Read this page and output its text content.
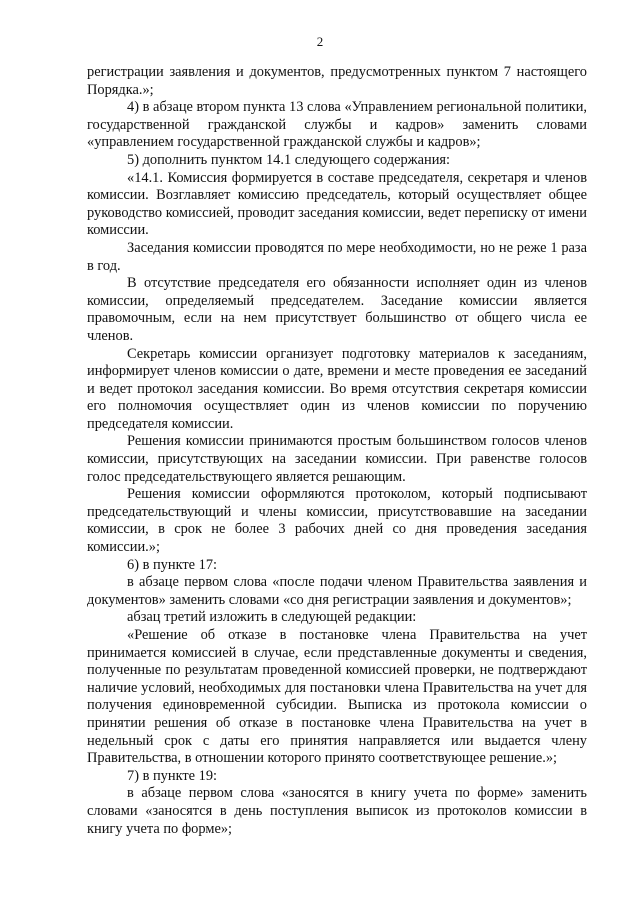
2

регистрации заявления и документов, предусмотренных пунктом 7 настоящего Порядка.»;

4) в абзаце втором пункта 13 слова «Управлением региональной политики, государственной гражданской службы и кадров» заменить словами «управлением государственной гражданской службы и кадров»;

5) дополнить пунктом 14.1 следующего содержания:

«14.1. Комиссия формируется в составе председателя, секретаря и членов комиссии. Возглавляет комиссию председатель, который осуществляет общее руководство комиссией, проводит заседания комиссии, ведет переписку от имени комиссии.

Заседания комиссии проводятся по мере необходимости, но не реже 1 раза в год.

В отсутствие председателя его обязанности исполняет один из членов комиссии, определяемый председателем. Заседание комиссии является правомочным, если на нем присутствует большинство от общего числа ее членов.

Секретарь комиссии организует подготовку материалов к заседаниям, информирует членов комиссии о дате, времени и месте проведения ее заседаний и ведет протокол заседания комиссии. Во время отсутствия секретаря комиссии его полномочия осуществляет один из членов комиссии по поручению председателя комиссии.

Решения комиссии принимаются простым большинством голосов членов комиссии, присутствующих на заседании комиссии. При равенстве голосов голос председательствующего является решающим.

Решения комиссии оформляются протоколом, который подписывают председательствующий и члены комиссии, присутствовавшие на заседании комиссии, в срок не более 3 рабочих дней со дня проведения заседания комиссии.»;

6) в пункте 17:

в абзаце первом слова «после подачи членом Правительства заявления и документов» заменить словами «со дня регистрации заявления и документов»;

абзац третий изложить в следующей редакции:

«Решение об отказе в постановке члена Правительства на учет принимается комиссией в случае, если представленные документы и сведения, полученные по результатам проведенной комиссией проверки, не подтверждают наличие условий, необходимых для постановки члена Правительства на учет для получения единовременной субсидии. Выписка из протокола комиссии о принятии решения об отказе в постановке члена Правительства на учет в недельный срок с даты его принятия направляется или выдается члену Правительства, в отношении которого принято соответствующее решение.»;

7) в пункте 19:

в абзаце первом слова «заносятся в книгу учета по форме» заменить словами «заносятся в день поступления выписок из протоколов комиссии в книгу учета по форме»;
